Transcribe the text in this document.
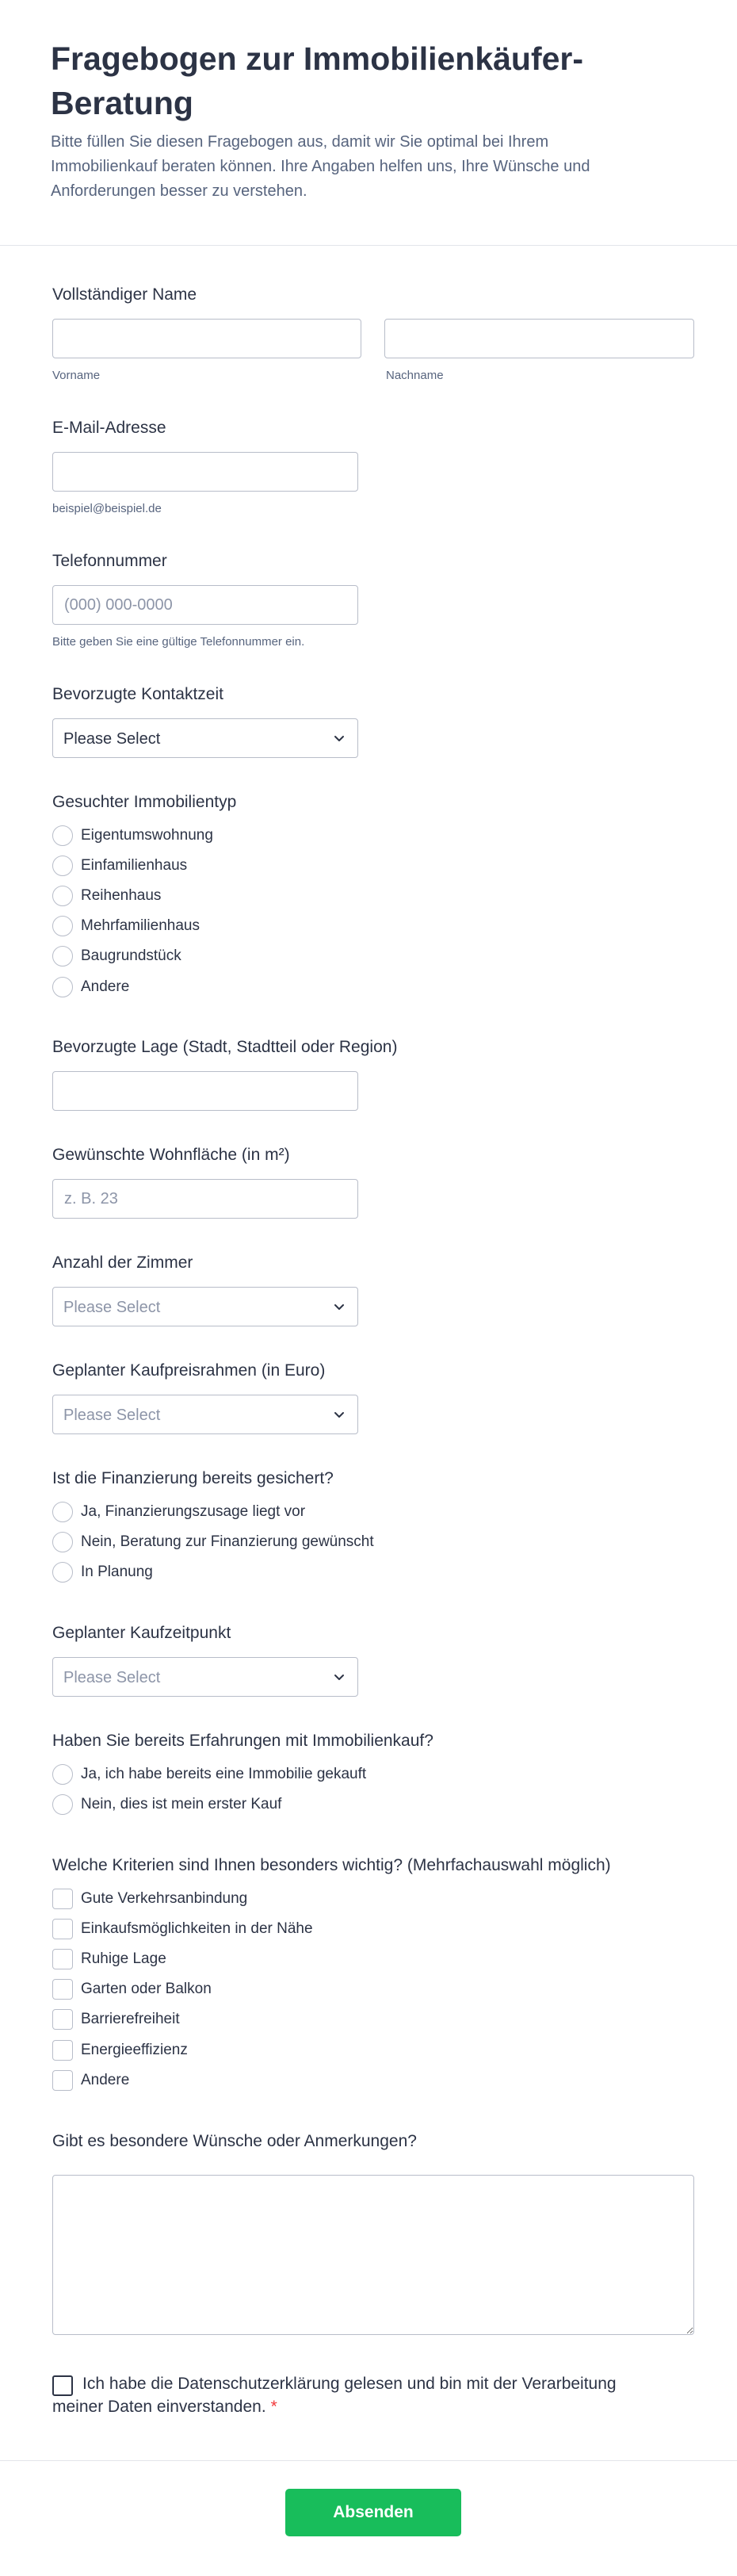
Fragebogen zur Immobilienkäufer-Beratung

Bitte füllen Sie diesen Fragebogen aus, damit wir Sie optimal bei Ihrem Immobilienkauf beraten können. Ihre Angaben helfen uns, Ihre Wünsche und Anforderungen besser zu verstehen.

Vollständiger Name
Vorname	Nachname
E-Mail-Adresse
beispiel@beispiel.de
Telefonnummer
(000) 000-0000
Bitte geben Sie eine gültige Telefonnummer ein.
Bevorzugte Kontaktzeit
Please Select
Gesuchter Immobilientyp
Eigentumswohnung
Einfamilienhaus
Reihenhaus
Mehrfamilienhaus
Baugrundstück
Andere
Bevorzugte Lage (Stadt, Stadtteil oder Region)
Gewünschte Wohnfläche (in m²)
z. B. 23
Anzahl der Zimmer
Please Select
Geplanter Kaufpreisrahmen (in Euro)
Please Select
Ist die Finanzierung bereits gesichert?
Ja, Finanzierungszusage liegt vor
Nein, Beratung zur Finanzierung gewünscht
In Planung
Geplanter Kaufzeitpunkt
Please Select
Haben Sie bereits Erfahrungen mit Immobilienkauf?
Ja, ich habe bereits eine Immobilie gekauft
Nein, dies ist mein erster Kauf
Welche Kriterien sind Ihnen besonders wichtig? (Mehrfachauswahl möglich)
Gute Verkehrsanbindung
Einkaufsmöglichkeiten in der Nähe
Ruhige Lage
Garten oder Balkon
Barrierefreiheit
Energieeffizienz
Andere
Gibt es besondere Wünsche oder Anmerkungen?
Ich habe die Datenschutzerklärung gelesen und bin mit der Verarbeitung meiner Daten einverstanden. *
Absenden
